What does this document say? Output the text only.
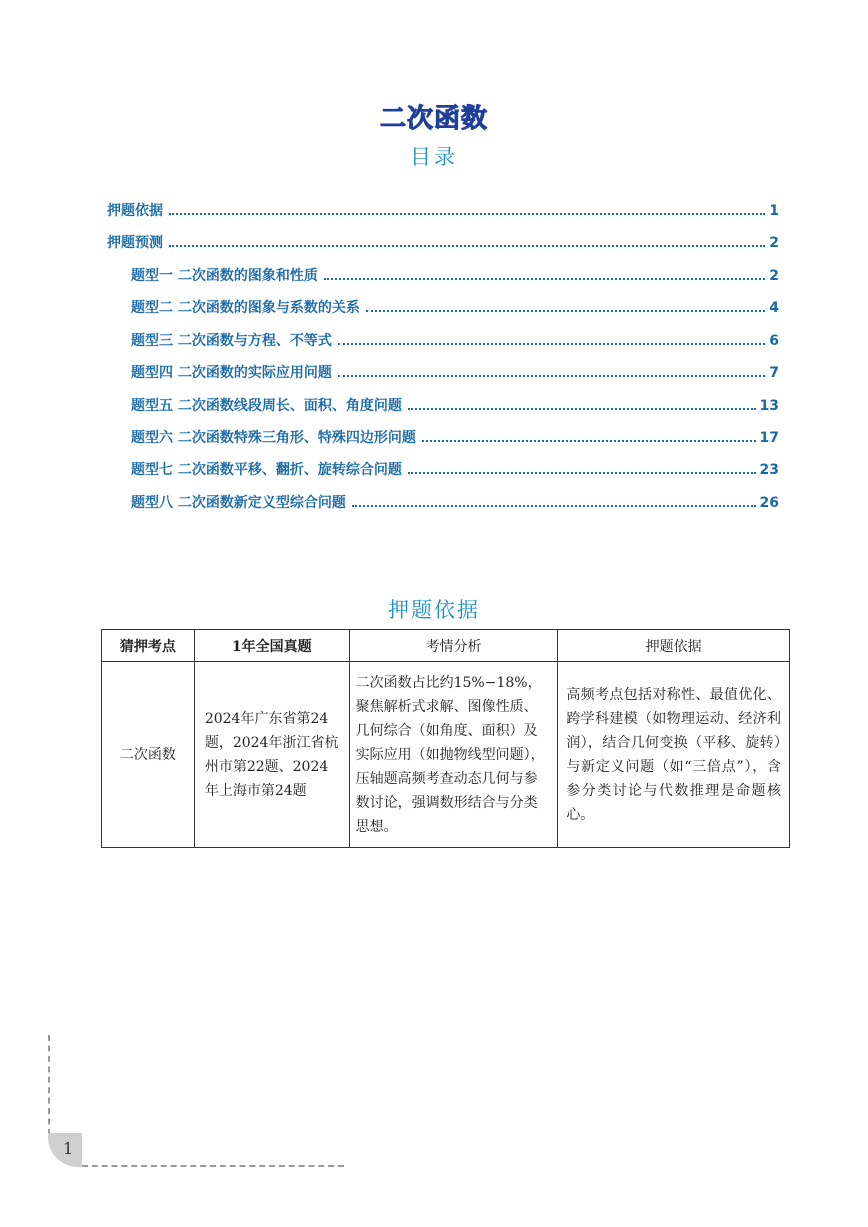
二次函数
目录
押题依据	1
押题预测	2
题型一 二次函数的图象和性质	2
题型二 二次函数的图象与系数的关系	4
题型三 二次函数与方程、不等式	6
题型四 二次函数的实际应用问题	7
题型五 二次函数线段周长、面积、角度问题	13
题型六 二次函数特殊三角形、特殊四边形问题	17
题型七 二次函数平移、翻折、旋转综合问题	23
题型八 二次函数新定义型综合问题	26
押题依据
猜押考点	1年全国真题	考情分析	押题依据
二次函数	2024年广东省第24题，2024年浙江省杭州市第22题、2024年上海市第24题	二次函数占比约15%−18%，聚焦解析式求解、图像性质、几何综合（如角度、面积）及实际应用（如抛物线型问题），压轴题高频考查动态几何与参数讨论，强调数形结合与分类思想。	高频考点包括对称性、最值优化、跨学科建模（如物理运动、经济利润），结合几何变换（平移、旋转）与新定义问题（如“三倍点”），含参分类讨论与代数推理是命题核心。
1
